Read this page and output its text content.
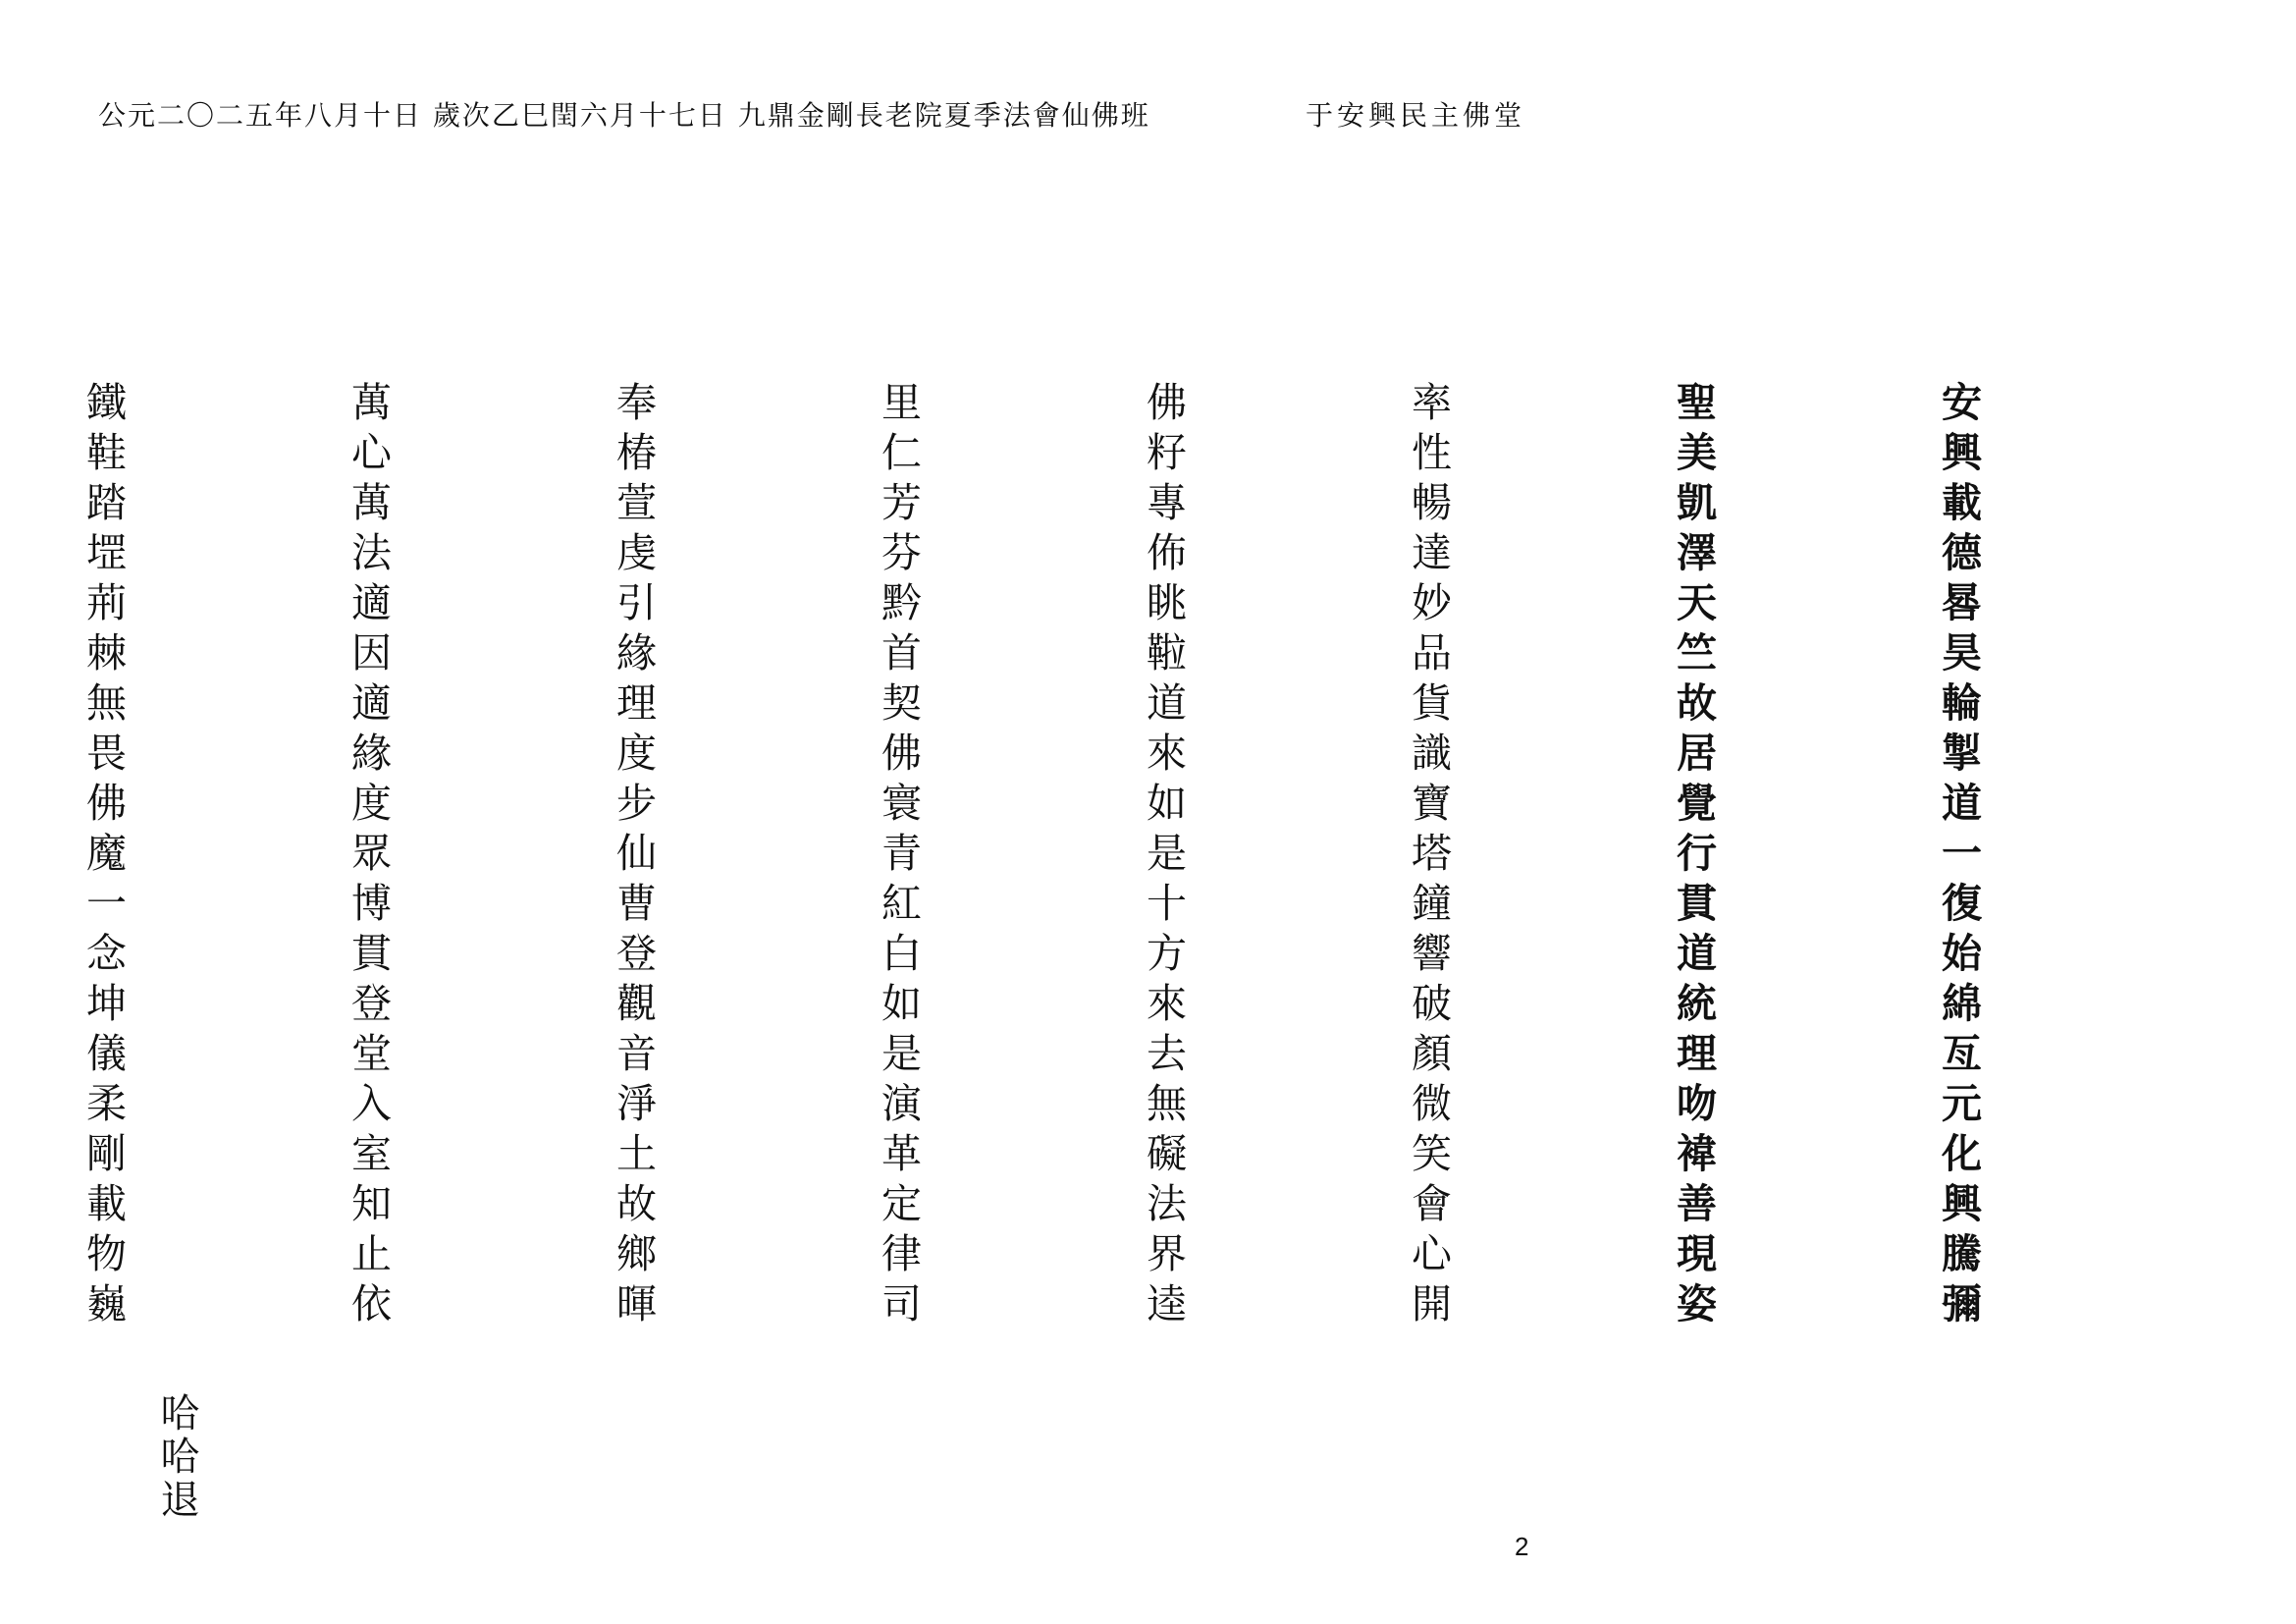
公元二〇二五年八月十日 歲次乙巳閏六月十七日 九鼎金剛長老院夏季法會仙佛班	于安興民主佛堂

安興載德晷昊輪掣道一復始綿亙元化興騰彌

聖美凱澤天竺故居覺行貫道統理吻褘善現姿

率性暢達妙品貨識寶塔鐘響破顏微笑會心開

佛籽專佈眺鞡道來如是十方來去無礙法界逵

里仁芳芬黔首契佛寰青紅白如是演革定律司

奉椿萱虔引緣理度步仙曹登觀音淨土故鄉暉

萬心萬法適因適緣度眾博貫登堂入室知止依

鐵鞋踏堽荊棘無畏佛魔一念坤儀柔剛載物巍

哈哈退
2
